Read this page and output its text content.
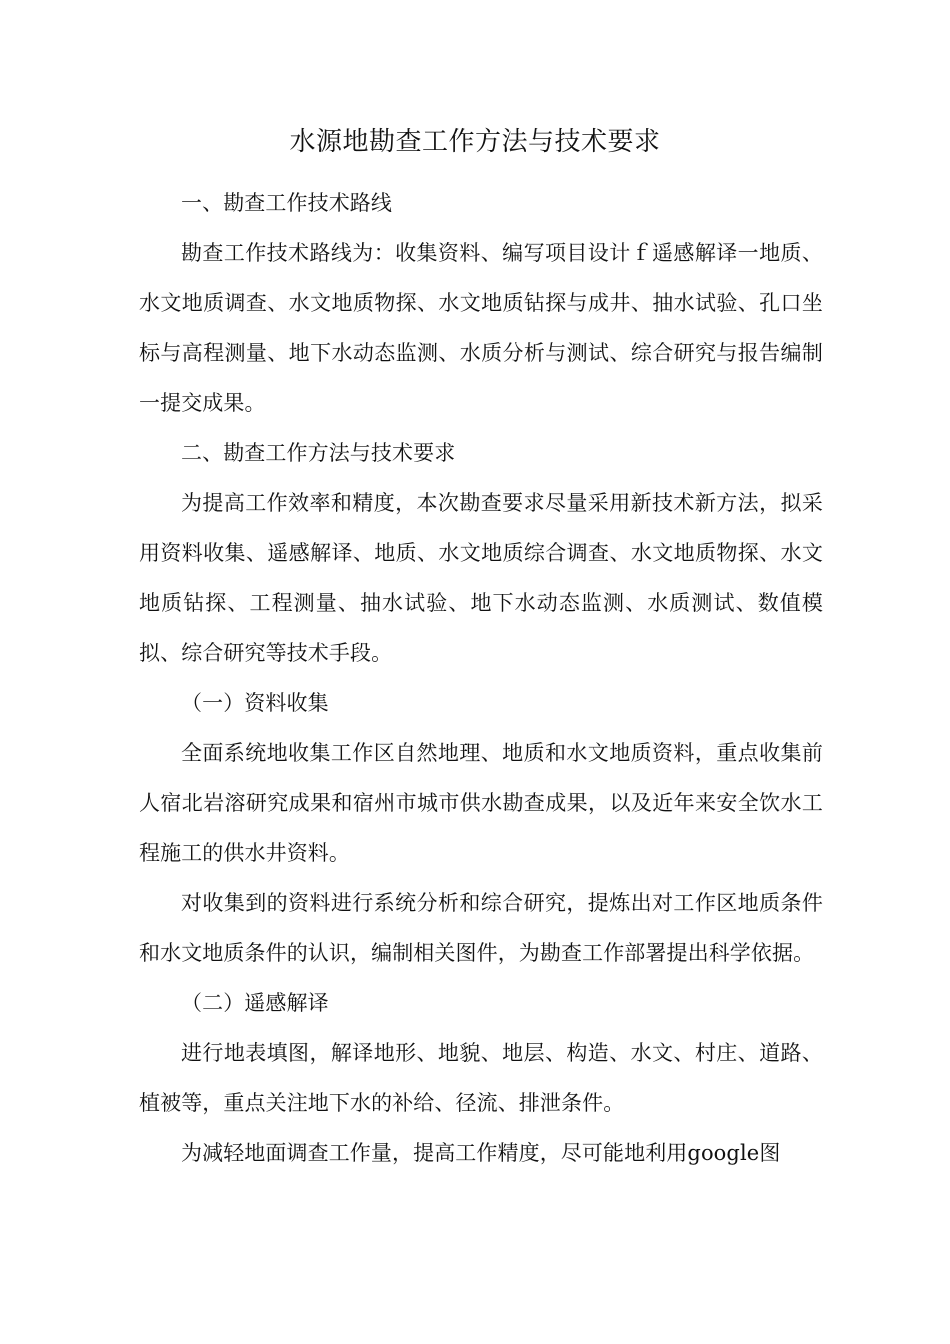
水源地勘查工作方法与技术要求

一、勘查工作技术路线

勘查工作技术路线为：收集资料、编写项目设计ｆ遥感解译一地质、水文地质调查、水文地质物探、水文地质钻探与成井、抽水试验、孔口坐标与高程测量、地下水动态监测、水质分析与测试、综合研究与报告编制一提交成果。

二、勘查工作方法与技术要求

为提高工作效率和精度，本次勘查要求尽量采用新技术新方法，拟采用资料收集、遥感解译、地质、水文地质综合调查、水文地质物探、水文地质钻探、工程测量、抽水试验、地下水动态监测、水质测试、数值模拟、综合研究等技术手段。

（一）资料收集

全面系统地收集工作区自然地理、地质和水文地质资料，重点收集前人宿北岩溶研究成果和宿州市城市供水勘查成果，以及近年来安全饮水工程施工的供水井资料。

对收集到的资料进行系统分析和综合研究，提炼出对工作区地质条件和水文地质条件的认识，编制相关图件，为勘查工作部署提出科学依据。

（二）遥感解译

进行地表填图，解译地形、地貌、地层、构造、水文、村庄、道路、植被等，重点关注地下水的补给、径流、排泄条件。

为减轻地面调查工作量，提高工作精度，尽可能地利用google图
